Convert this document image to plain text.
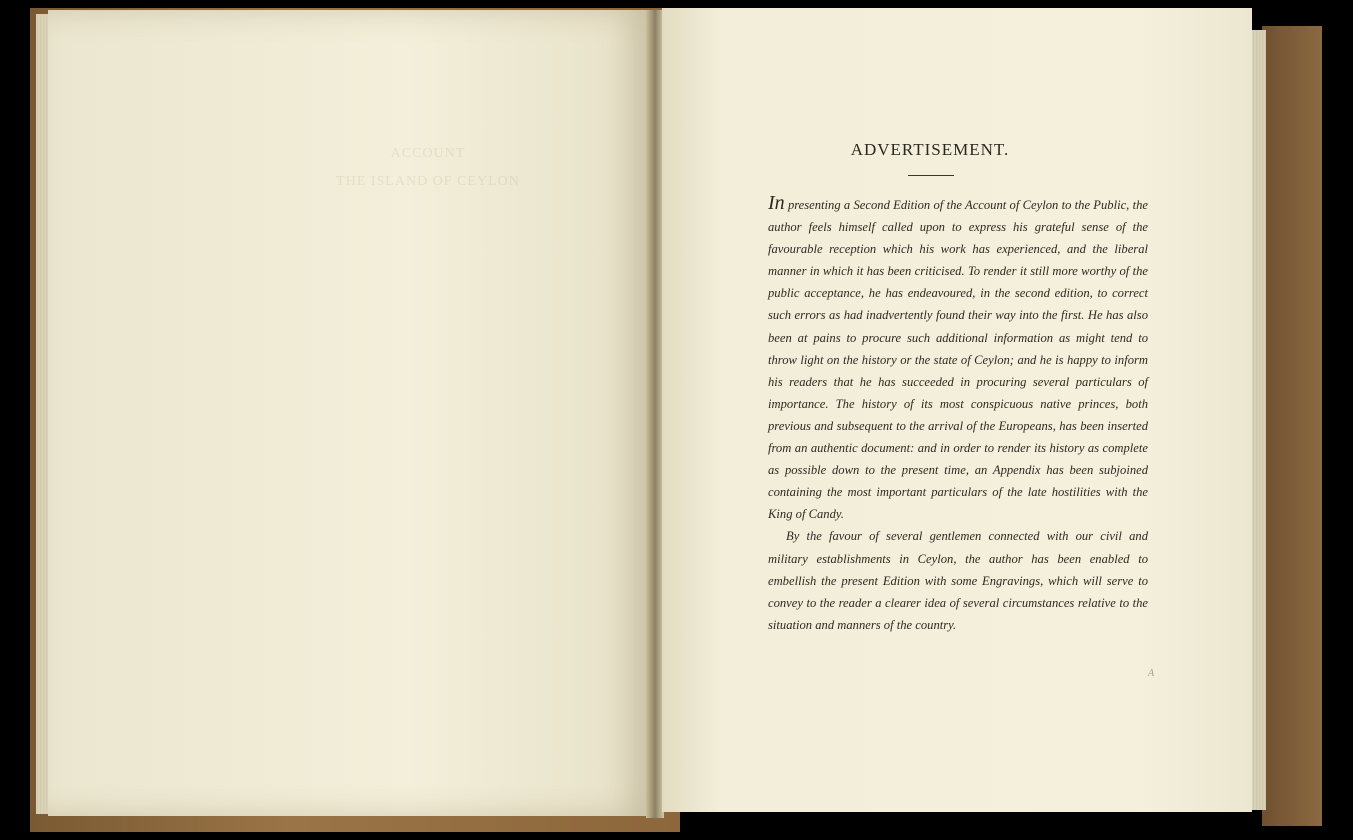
ACCOUNT
THE ISLAND OF CEYLON
ADVERTISEMENT.

In presenting a Second Edition of the Account of Ceylon to the Public, the author feels himself called upon to express his grateful sense of the favourable reception which his work has experienced, and the liberal manner in which it has been criticised. To render it still more worthy of the public acceptance, he has endeavoured, in the second edition, to correct such errors as had inadvertently found their way into the first. He has also been at pains to procure such additional information as might tend to throw light on the history or the state of Ceylon; and he is happy to inform his readers that he has succeeded in procuring several particulars of importance. The history of its most conspicuous native princes, both previous and subsequent to the arrival of the Europeans, has been inserted from an authentic document: and in order to render its history as complete as possible down to the present time, an Appendix has been subjoined containing the most important particulars of the late hostilities with the King of Candy.

By the favour of several gentlemen connected with our civil and military establishments in Ceylon, the author has been enabled to embellish the present Edition with some Engravings, which will serve to convey to the reader a clearer idea of several circumstances relative to the situation and manners of the country.

A
